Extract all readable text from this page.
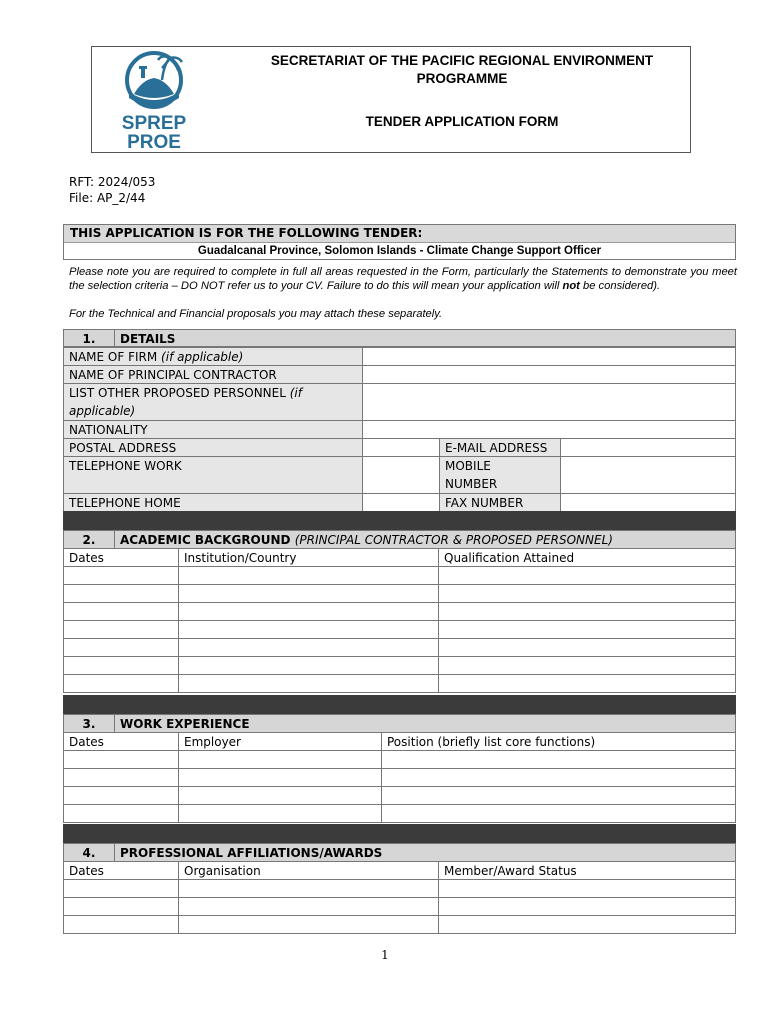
SECRETARIAT OF THE PACIFIC REGIONAL ENVIRONMENT
PROGRAMME
TENDER APPLICATION FORM
SPREP
PROE
RFT: 2024/053
File: AP_2/44
THIS APPLICATION IS FOR THE FOLLOWING TENDER:
Guadalcanal Province, Solomon Islands - Climate Change Support Officer
Please note you are required to complete in full all areas requested in the Form, particularly the Statements to demonstrate you meet the selection criteria – DO NOT refer us to your CV. Failure to do this will mean your application will not be considered).
For the Technical and Financial proposals you may attach these separately.
1.	DETAILS
NAME OF FIRM (if applicable)
NAME OF PRINCIPAL CONTRACTOR
LIST OTHER PROPOSED PERSONNEL (if
applicable)
NATIONALITY
POSTAL ADDRESS	E-MAIL ADDRESS
TELEPHONE WORK	MOBILE
NUMBER
TELEPHONE HOME	FAX NUMBER
2.	ACADEMIC BACKGROUND (PRINCIPAL CONTRACTOR & PROPOSED PERSONNEL)
Dates	Institution/Country	Qualification Attained
3.	WORK EXPERIENCE
Dates	Employer	Position (briefly list core functions)
4.	PROFESSIONAL AFFILIATIONS/AWARDS
Dates	Organisation	Member/Award Status
1
